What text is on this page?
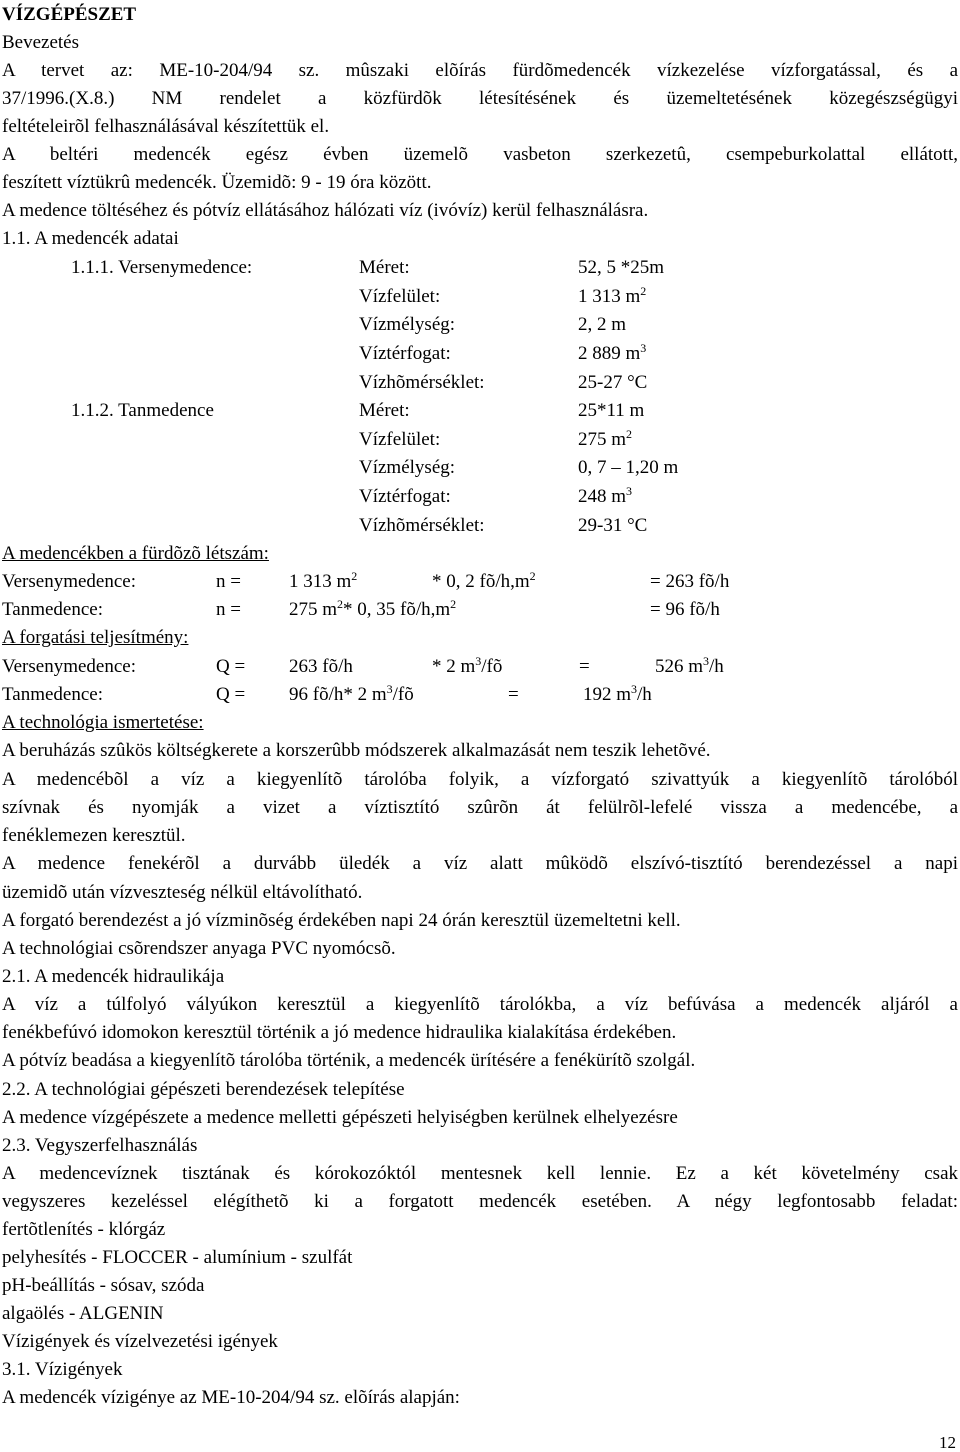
VÍZGÉPÉSZET
Bevezetés
A tervet az: ME-10-204/94 sz. mûszaki elõírás fürdõmedencék vízkezelése vízforgatással, és a
37/1996.(X.8.) NM rendelet a közfürdõk létesítésének és üzemeltetésének közegészségügyi
feltételeirõl felhasználásával készítettük el.
A beltéri medencék egész évben üzemelõ vasbeton szerkezetû, csempeburkolattal ellátott,
feszített víztükrû medencék. Üzemidõ: 9 - 19 óra között.
A medence töltéséhez és pótvíz ellátásához hálózati víz (ivóvíz) kerül felhasználásra.
1.1. A medencék adatai
1.1.1. Versenymedence:	Méret:	52, 5 *25m
Vízfelület:	1 313 $m^2$
Vízmélység:	2, 2 m
Víztérfogat:	2 889 $m^3$
Vízhõmérséklet:	25-27 °C
1.1.2. Tanmedence	Méret:	25*11 m
Vízfelület:	275 $m^2$
Vízmélység:	0, 7 – 1,20 m
Víztérfogat:	248 $m^3$
Vízhõmérséklet:	29-31 °C
A medencékben a fürdõzõ létszám:
Versenymedence:	n =	1 313 $m^2$	* 0, 2 $fõ/h,m^2$	= 263 fõ/h
Tanmedence:	n =	275 $m^2*$ 0, 35 $fõ/h,m^2$	= 96 fõ/h
A forgatási teljesítmény:
Versenymedence:	Q = 263 fõ/h	* 2 $m^3/fõ$	=	526 $m^3/h$
Tanmedence:	Q = 96 fõ/h* 2 $m^3/fõ$	=	192 $m^3/h$
A technológia ismertetése:
A beruházás szûkös költségkerete a korszerûbb módszerek alkalmazását nem teszik lehetõvé.
A medencébõl a víz a kiegyenlítõ tárolóba folyik, a vízforgató szivattyúk a kiegyenlítõ tárolóból
szívnak és nyomják a vizet a víztisztító szûrõn át felülrõl-lefelé vissza a medencébe, a
fenéklemezen keresztül.
A medence fenekérõl a durvább üledék a víz alatt mûködõ elszívó-tisztító berendezéssel a napi
üzemidõ után vízveszteség nélkül eltávolítható.
A forgató berendezést a jó vízminõség érdekében napi 24 órán keresztül üzemeltetni kell.
A technológiai csõrendszer anyaga PVC nyomócsõ.
2.1. A medencék hidraulikája
A víz a túlfolyó vályúkon keresztül a kiegyenlítõ tárolókba, a víz befúvása a medencék aljáról a
fenékbefúvó idomokon keresztül történik a jó medence hidraulika kialakítása érdekében.
A pótvíz beadása a kiegyenlítõ tárolóba történik, a medencék ürítésére a fenékürítõ szolgál.
2.2. A technológiai gépészeti berendezések telepítése
A medence vízgépészete a medence melletti gépészeti helyiségben kerülnek elhelyezésre
2.3. Vegyszerfelhasználás
A medencevíznek tisztának és kórokozóktól mentesnek kell lennie. Ez a két követelmény csak
vegyszeres kezeléssel elégíthetõ ki a forgatott medencék esetében. A négy legfontosabb feladat:
fertõtlenítés - klórgáz
pelyhesítés - FLOCCER - alumínium - szulfát
pH-beállítás - sósav, szóda
algaölés - ALGENIN
Vízigények és vízelvezetési igények
3.1. Vízigények
A medencék vízigénye az ME-10-204/94 sz. elõírás alapján:
12
